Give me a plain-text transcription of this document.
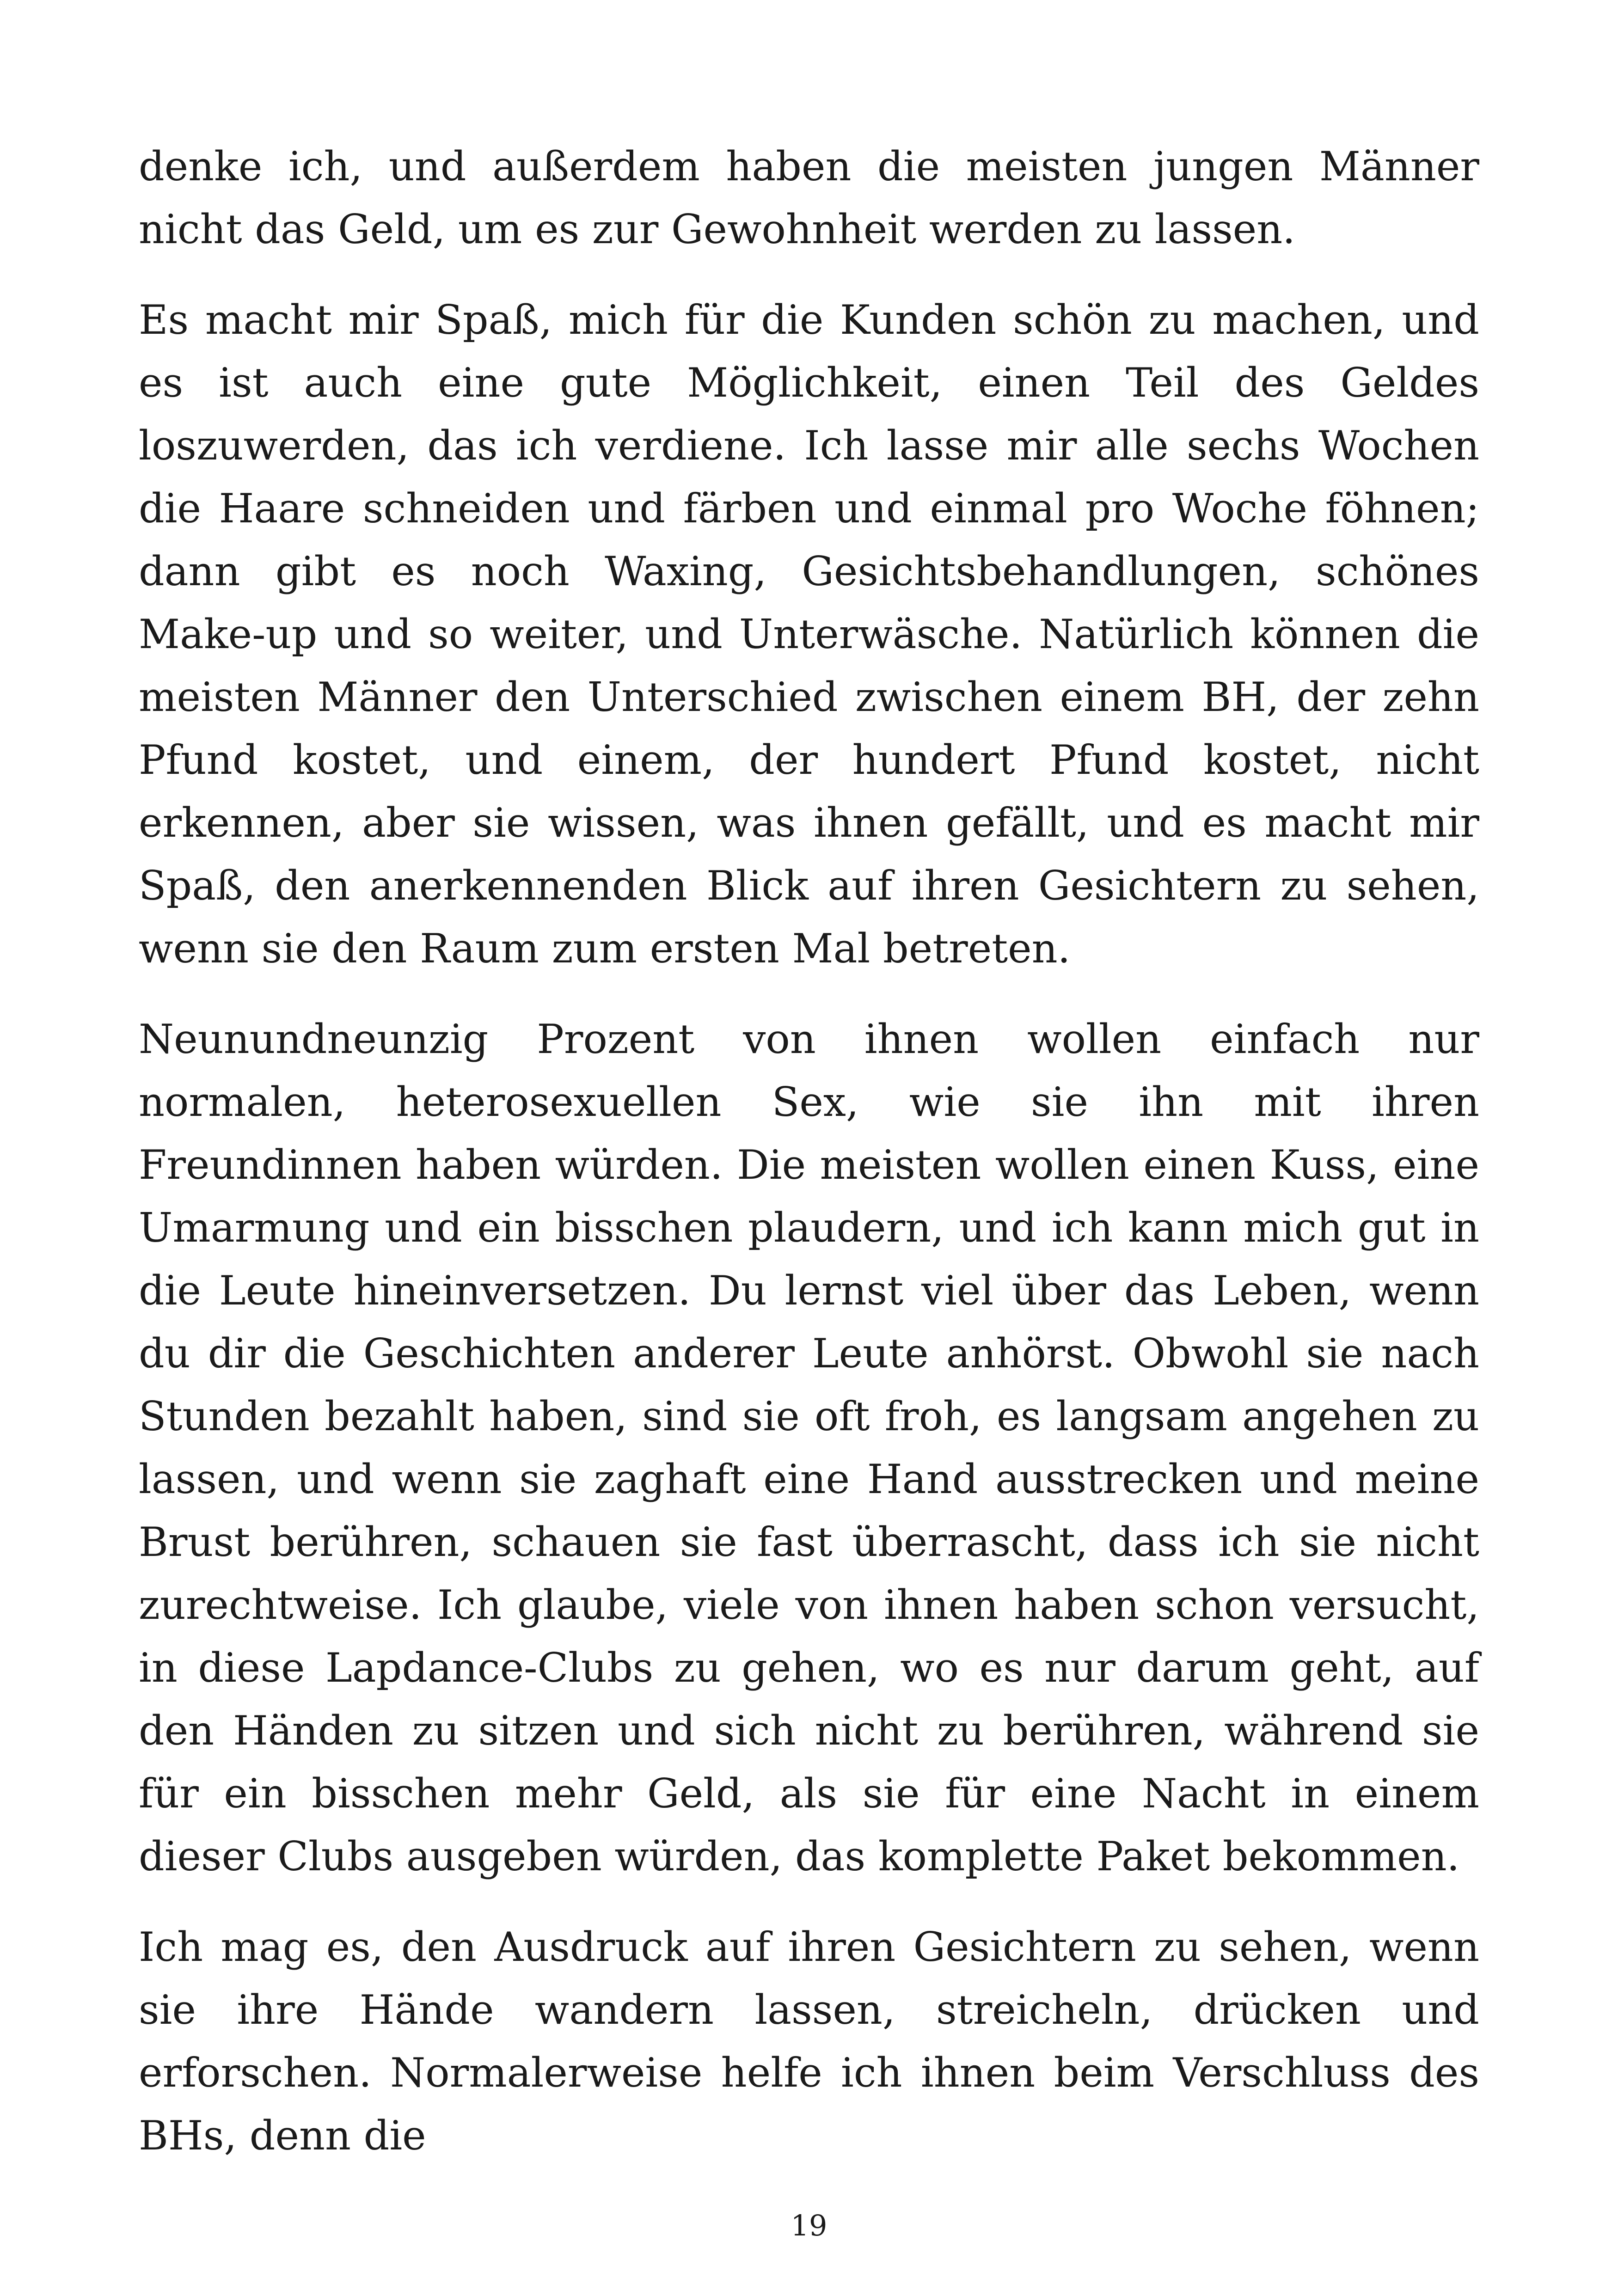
denke ich, und außerdem haben die meisten jungen Männer nicht das Geld, um es zur Gewohnheit werden zu lassen.

Es macht mir Spaß, mich für die Kunden schön zu machen, und es ist auch eine gute Möglichkeit, einen Teil des Geldes loszuwerden, das ich verdiene. Ich lasse mir alle sechs Wochen die Haare schneiden und färben und einmal pro Woche föhnen; dann gibt es noch Waxing, Gesichtsbehandlungen, schönes Make-up und so weiter, und Unterwäsche. Natürlich können die meisten Männer den Unterschied zwischen einem BH, der zehn Pfund kostet, und einem, der hundert Pfund kostet, nicht erkennen, aber sie wissen, was ihnen gefällt, und es macht mir Spaß, den anerkennenden Blick auf ihren Gesichtern zu sehen, wenn sie den Raum zum ersten Mal betreten.

Neunundneunzig Prozent von ihnen wollen einfach nur normalen, heterosexuellen Sex, wie sie ihn mit ihren Freundinnen haben würden. Die meisten wollen einen Kuss, eine Umarmung und ein bisschen plaudern, und ich kann mich gut in die Leute hineinversetzen. Du lernst viel über das Leben, wenn du dir die Geschichten anderer Leute anhörst. Obwohl sie nach Stunden bezahlt haben, sind sie oft froh, es langsam angehen zu lassen, und wenn sie zaghaft eine Hand ausstrecken und meine Brust berühren, schauen sie fast überrascht, dass ich sie nicht zurechtweise. Ich glaube, viele von ihnen haben schon versucht, in diese Lapdance-Clubs zu gehen, wo es nur darum geht, auf den Händen zu sitzen und sich nicht zu berühren, während sie für ein bisschen mehr Geld, als sie für eine Nacht in einem dieser Clubs ausgeben würden, das komplette Paket bekommen.

Ich mag es, den Ausdruck auf ihren Gesichtern zu sehen, wenn sie ihre Hände wandern lassen, streicheln, drücken und erforschen. Normalerweise helfe ich ihnen beim Verschluss des BHs, denn die

19
